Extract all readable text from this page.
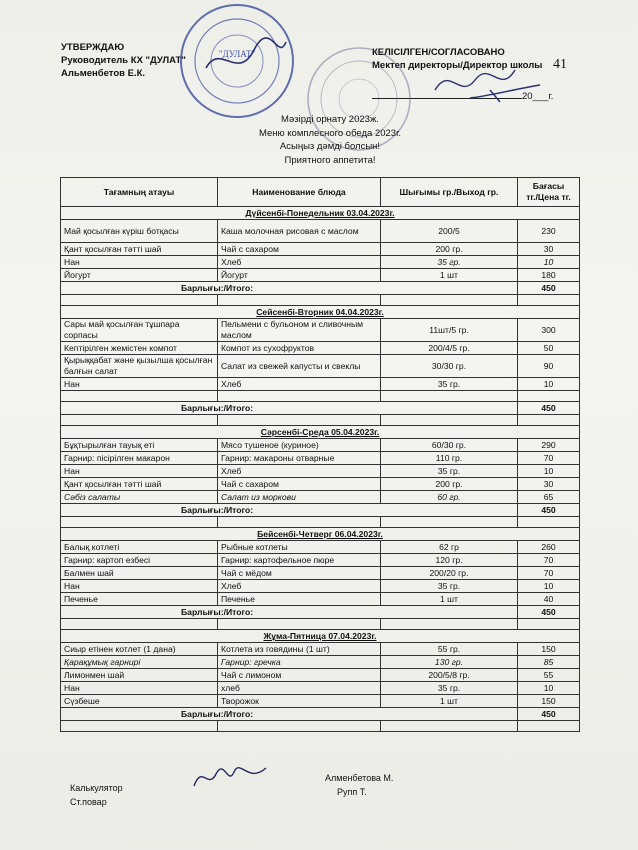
УТВЕРЖДАЮ
Руководитель КХ "ДУЛАТ"
Альменбетов Е.К.
"ДУЛАТ"	КЕЛІСІЛГЕН/СОГЛАСОВАНО
Мектеп директоры/Директор школы
20___г.
41
Мәзірді орнату 2023ж.
Меню комплесного обеда 2023г.
Асыңыз дәмді болсын!
Приятного аппетита!
Тағамның атауы	Наименование блюда	Шығымы гр./Выход гр.	Бағасы
тг./Цена тг.
Дүйсенбі-Понедельник 03.04.2023г.			
Май қосылған күріш ботқасы	Каша молочная рисовая с маслом	200/5	230
Қант қосылған тәтті шай	Чай с сахаром	200 гр.	30
Нан	Хлеб	35 гр.	10
Йогурт	Йогурт	1 шт	180
Барлығы:/Итого:			450

Сейсенбі-Вторник 04.04.2023г.			
Сары май қосылған тұшпара сорпасы	Пельмени с бульоном и сливочным маслом	11шт/5 гр.	300
Кептірілген жемістен компот	Компот из сухофруктов	200/4/5 гр.	50
Қырыққабат және қызылша қосылған балғын салат	Салат из свежей капусты и свеклы	30/30 гр.	90
Нан	Хлеб	35 гр.	10

Барлығы:/Итого:			450

Сәрсенбі-Среда 05.04.2023г.			
Бұқтырылған тауық еті	Мясо тушеное (куриное)	60/30 гр.	290
Гарнир: пісірілген макарон	Гарнир: макароны отварные	110 гр.	70
Нан	Хлеб	35 гр.	10
Қант қосылған тәтті шай	Чай с сахаром	200 гр.	30
Сәбіз салаты	Салат из моркови	60 гр.	65
Барлығы:/Итого:			450

Бейсенбі-Четверг 06.04.2023г.			
Балық котлеті	Рыбные котлеты	62 гр	260
Гарнир: картоп езбесі	Гарнир: картофельное пюре	120 гр.	70
Балмен шай	Чай с мёдом	200/20 гр.	70
Нан	Хлеб	35 гр.	10
Печенье	Печенье	1 шт	40
Барлығы:/Итого:			450

Жұма-Пятница 07.04.2023г.			
Сиыр етінен котлет (1 дана)	Котлета из говядины (1 шт)	55 гр.	150
Қарақұмық гарнирі	Гарнир: гречка	130 гр.	85
Лимонмен шай	Чай с лимоном	200/5/8 гр.	55
Нан	хлеб	35 гр.	10
Сүзбеше	Творожок	1 шт	150
Барлығы:/Итого:			450

Калькулятор
Ст.повар
Алменбетова М.
Рупп Т.
